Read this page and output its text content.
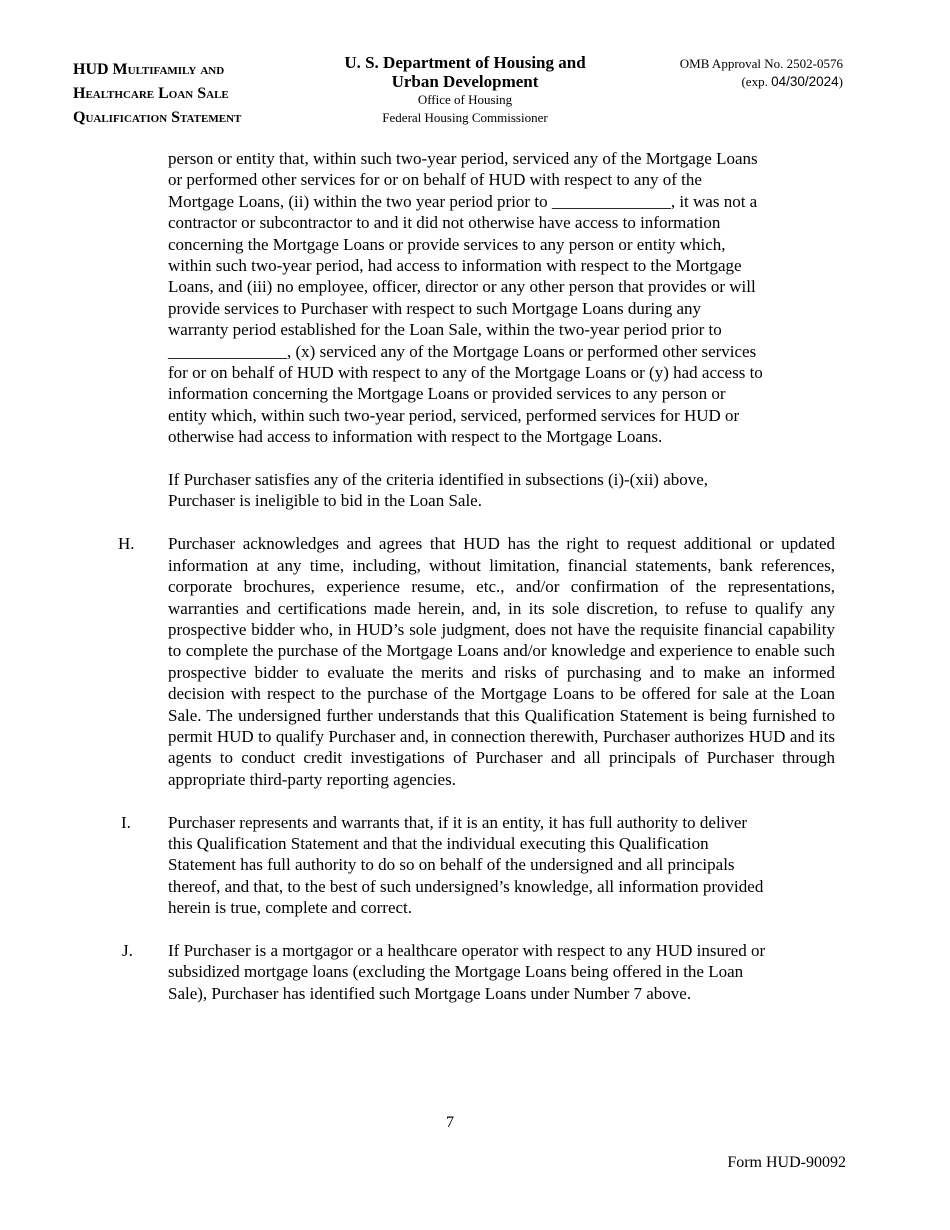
HUD Multifamily and
Healthcare Loan Sale
Qualification Statement
U. S. Department of Housing and
Urban Development
Office of Housing
Federal Housing Commissioner
OMB Approval No. 2502-0576
(exp. 04/30/2024)

person or entity that, within such two-year period, serviced any of the Mortgage Loans

or performed other services for or on behalf of HUD with respect to any of the

Mortgage Loans, (ii) within the two year period prior to ______________, it was not a

contractor or subcontractor to and it did not otherwise have access to information

concerning the Mortgage Loans or provide services to any person or entity which,

within such two-year period, had access to information with respect to the Mortgage

Loans, and (iii) no employee, officer, director or any other person that provides or will

provide services to Purchaser with respect to such Mortgage Loans during any

warranty period established for the Loan Sale, within the two-year period prior to

______________, (x) serviced any of the Mortgage Loans or performed other services

for or on behalf of HUD with respect to any of the Mortgage Loans or (y) had access to

information concerning the Mortgage Loans or provided services to any person or

entity which, within such two-year period, serviced, performed services for HUD or

otherwise had access to information with respect to the Mortgage Loans.

If Purchaser satisfies any of the criteria identified in subsections (i)-(xii) above,

Purchaser is ineligible to bid in the Loan Sale.

H. Purchaser acknowledges and agrees that HUD has the right to request additional or updated information at any time, including, without limitation, financial statements, bank references, corporate brochures, experience resume, etc., and/or confirmation of the representations, warranties and certifications made herein, and, in its sole discretion, to refuse to qualify any prospective bidder who, in HUD’s sole judgment, does not have the requisite financial capability to complete the purchase of the Mortgage Loans and/or knowledge and experience to enable such prospective bidder to evaluate the merits and risks of purchasing and to make an informed decision with respect to the purchase of the Mortgage Loans to be offered for sale at the Loan Sale. The undersigned further understands that this Qualification Statement is being furnished to permit HUD to qualify Purchaser and, in connection therewith, Purchaser authorizes HUD and its agents to conduct credit investigations of Purchaser and all principals of Purchaser through appropriate third-party reporting agencies.

I. Purchaser represents and warrants that, if it is an entity, it has full authority to deliver

this Qualification Statement and that the individual executing this Qualification

Statement has full authority to do so on behalf of the undersigned and all principals

thereof, and that, to the best of such undersigned’s knowledge, all information provided

herein is true, complete and correct.

J. If Purchaser is a mortgagor or a healthcare operator with respect to any HUD insured or

subsidized mortgage loans (excluding the Mortgage Loans being offered in the Loan

Sale), Purchaser has identified such Mortgage Loans under Number 7 above.

7
Form HUD-90092
